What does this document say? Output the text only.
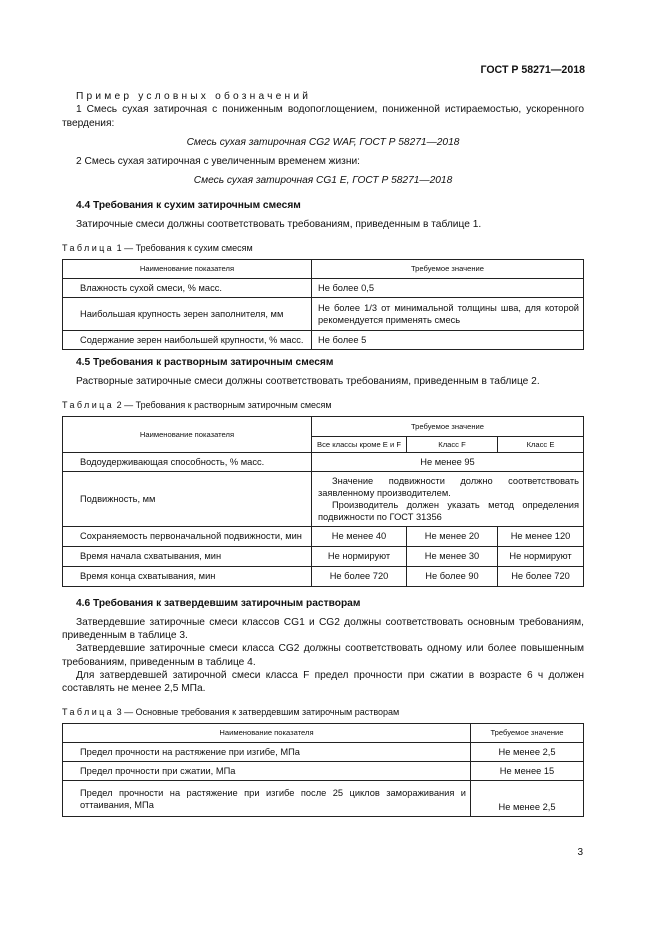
ГОСТ Р 58271—2018
Пример условных обозначений
1 Смесь сухая затирочная с пониженным водопоглощением, пониженной истираемостью, ускоренного твердения:
Смесь сухая затирочная CG2 WAF, ГОСТ Р 58271—2018
2 Смесь сухая затирочная с увеличенным временем жизни:
Смесь сухая затирочная CG1 E, ГОСТ Р 58271—2018
4.4 Требования к сухим затирочным смесям
Затирочные смеси должны соответствовать требованиям, приведенным в таблице 1.
Таблица 1 — Требования к сухим смесям
Наименование показателя	Требуемое значение
Влажность сухой смеси, % масс.	Не более 0,5
Наибольшая крупность зерен заполнителя, мм	Не более 1/3 от минимальной толщины шва, для которой рекомендуется применять смесь
Содержание зерен наибольшей крупности, % масс.	Не более 5
4.5 Требования к растворным затирочным смесям
Растворные затирочные смеси должны соответствовать требованиям, приведенным в таблице 2.
Таблица 2 — Требования к растворным затирочным смесям
Наименование показателя	Требуемое значение		
	Все классы кроме E и F	Класс F	Класс E
Водоудерживающая способность, % масс.	Не менее 95		
Подвижность, мм	Значение подвижности должно соответствовать заявленному производителем.
Производитель должен указать метод определения подвижности по ГОСТ 31356		

Сохраняемость первоначальной подвижности, мин	Не менее 40	Не менее 20	Не менее 120
Время начала схватывания, мин	Не нормируют	Не менее 30	Не нормируют
Время конца схватывания, мин	Не более 720	Не более 90	Не более 720
4.6 Требования к затвердевшим затирочным растворам
Затвердевшие затирочные смеси классов CG1 и CG2 должны соответствовать основным требованиям, приведенным в таблице 3.
Затвердевшие затирочные смеси класса CG2 должны соответствовать одному или более повышенным требованиям, приведенным в таблице 4.
Для затвердевшей затирочной смеси класса F предел прочности при сжатии в возрасте 6 ч должен составлять не менее 2,5 МПа.
Таблица 3 — Основные требования к затвердевшим затирочным растворам
Наименование показателя	Требуемое значение
Предел прочности на растяжение при изгибе, МПа	Не менее 2,5
Предел прочности при сжатии, МПа	Не менее 15
Предел прочности на растяжение при изгибе после 25 циклов замораживания и оттаивания, МПа	Не менее 2,5
3
